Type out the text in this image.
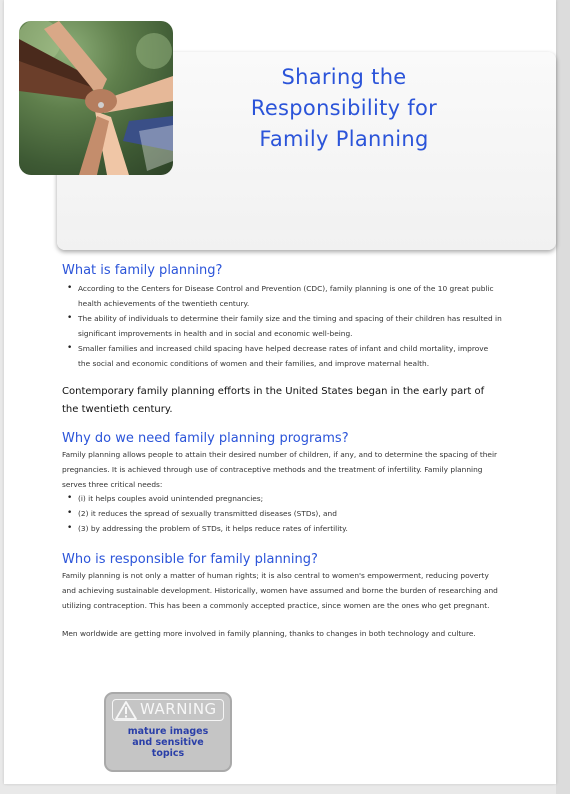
Sharing the
Responsibility for
Family Planning
What is family planning?
• According to the Centers for Disease Control and Prevention (CDC), family planning is one of the 10 great public health achievements of the twentieth century.
• The ability of individuals to determine their family size and the timing and spacing of their children has resulted in significant improvements in health and in social and economic well-being.
• Smaller families and increased child spacing have helped decrease rates of infant and child mortality, improve the social and economic conditions of women and their families, and improve maternal health.

Contemporary family planning efforts in the United States began in the early part of the twentieth century.

Why do we need family planning programs?

Family planning allows people to attain their desired number of children, if any, and to determine the spacing of their pregnancies. It is achieved through use of contraceptive methods and the treatment of infertility. Family planning serves three critical needs:

• (i) it helps couples avoid unintended pregnancies;
• (2) it reduces the spread of sexually transmitted diseases (STDs), and
• (3) by addressing the problem of STDs, it helps reduce rates of infertility.
Who is responsible for family planning?

Family planning is not only a matter of human rights; it is also central to women's empowerment, reducing poverty and achieving sustainable development. Historically, women have assumed and borne the burden of researching and utilizing contraception. This has been a commonly accepted practice, since women are the ones who get pregnant.

Men worldwide are getting more involved in family planning, thanks to changes in both technology and culture.

WARNING
mature images
and sensitive
topics
